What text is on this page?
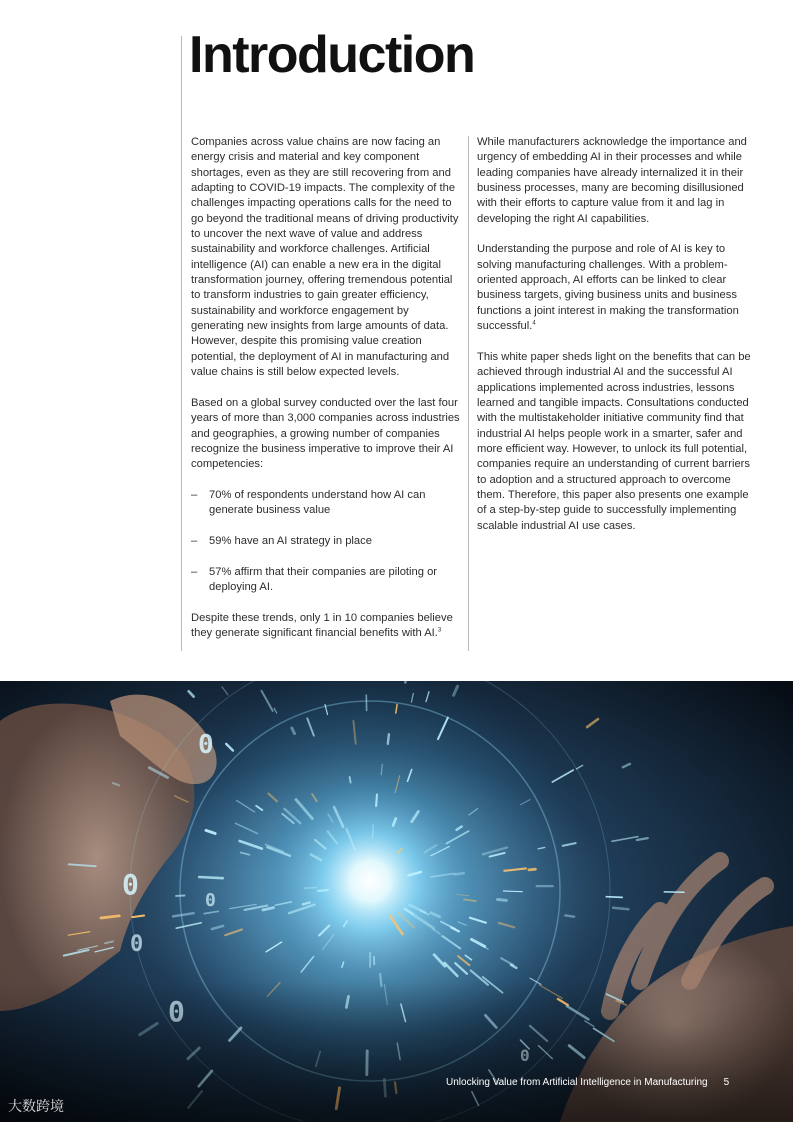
Introduction

Companies across value chains are now facing an energy crisis and material and key component shortages, even as they are still recovering from and adapting to COVID-19 impacts. The complexity of the challenges impacting operations calls for the need to go beyond the traditional means of driving productivity to uncover the next wave of value and address sustainability and workforce challenges. Artificial intelligence (AI) can enable a new era in the digital transformation journey, offering tremendous potential to transform industries to gain greater efficiency, sustainability and workforce engagement by generating new insights from large amounts of data. However, despite this promising value creation potential, the deployment of AI in manufacturing and value chains is still below expected levels.

Based on a global survey conducted over the last four years of more than 3,000 companies across industries and geographies, a growing number of companies recognize the business imperative to improve their AI competencies:

– 70% of respondents understand how AI can generate business value
– 59% have an AI strategy in place
– 57% affirm that their companies are piloting or deploying AI.

Despite these trends, only 1 in 10 companies believe they generate significant financial benefits with AI.$^3$

While manufacturers acknowledge the importance and urgency of embedding AI in their processes and while leading companies have already internalized it in their business processes, many are becoming disillusioned with their efforts to capture value from it and lag in developing the right AI capabilities.

Understanding the purpose and role of AI is key to solving manufacturing challenges. With a problem-oriented approach, AI efforts can be linked to clear business targets, giving business units and business functions a joint interest in making the transformation successful.$^4$

This white paper sheds light on the benefits that can be achieved through industrial AI and the successful AI applications implemented across industries, lessons learned and tangible impacts. Consultations conducted with the multistakeholder initiative community find that industrial AI helps people work in a smarter, safer and more efficient way. However, to unlock its full potential, companies require an understanding of current barriers to adoption and a structured approach to overcome them. Therefore, this paper also presents one example of a step-by-step guide to successfully implementing scalable industrial AI use cases.

0
0	0
0
Unlocking Value from Artificial Intelligence in Manufacturing 5
大数跨境
